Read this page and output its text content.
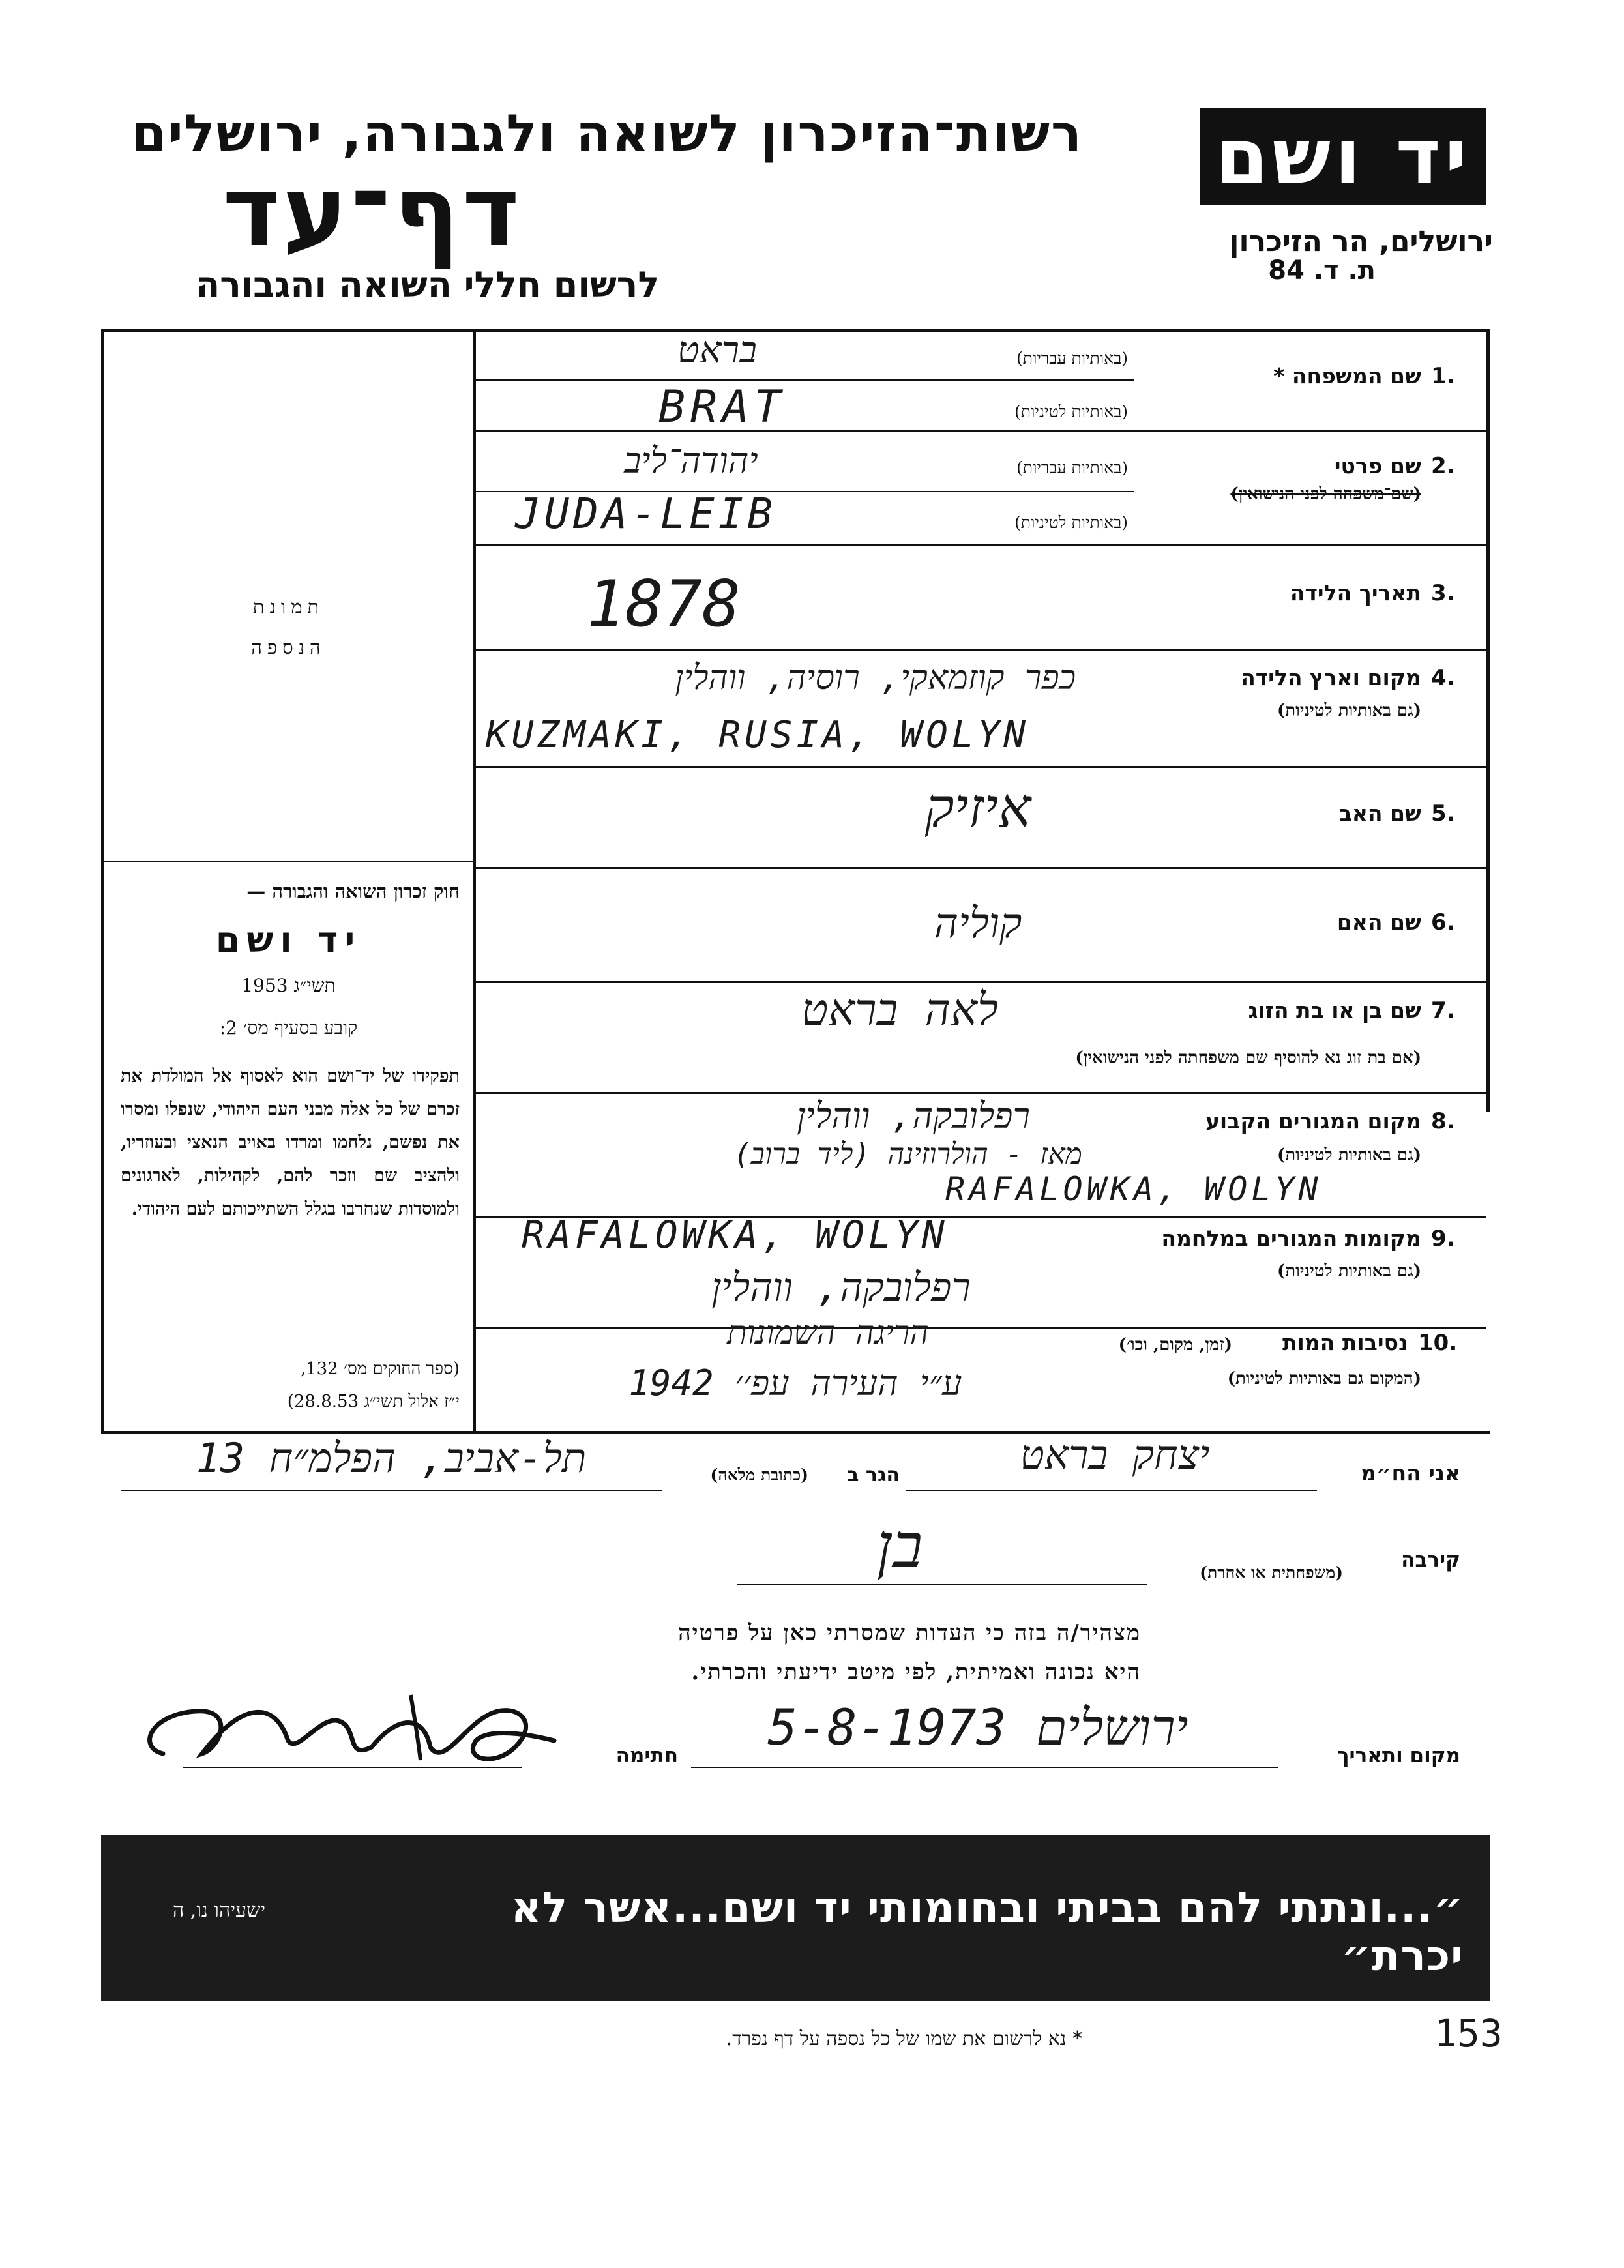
רשות־הזיכרון לשואה ולגבורה, ירושלים
דף־עד
לרשום חללי השואה והגבורה
יד ושם
ירושלים, הר הזיכרון
ת. ד. 84
תמונת
הנספה
חוק זכרון השואה והגבורה —
יד ושם
תשי״ג 1953
קובע בסעיף מס׳ 2:
תפקידו של יד־ושם הוא לאסוף אל המולדת את זכרם של כל אלה מבני העם היהודי, שנפלו ומסרו את נפשם, נלחמו ומרדו באויב הנאצי ובעוזריו, ולהציב שם וזכר להם, לקהילות, לארגונים ולמוסדות שנחרבו בגלל השתייכותם לעם היהודי.
(ספר החוקים מס׳ 132,
י״ז אלול תשי״ג 28.8.53)
1.
שם המשפחה *
(באותיות עבריות)
(באותיות לטיניות)
בראט
BRAT
2.
שם פרטי
(שם־משפחה לפני הנישואין)
(באותיות עבריות)
(באותיות לטיניות)
יהודה־ליב
JUDA-LEIB
3.
תאריך הלידה
1878
4.
מקום וארץ הלידה
(גם באותיות לטיניות)
כפר קוזמאקי, רוסיה, ווהלין
KUZMAKI, RUSIA, WOLYN
5.
שם האב
איזיק
6.
שם האם
קוליה
7.
שם בן או בת הזוג
(אם בת זוג נא להוסיף שם משפחתה לפני הנישואין)
לאה בראט
8.
מקום המגורים הקבוע
(גם באותיות לטיניות)
רפלובקה, ווהלין
מאז - הולרוזינה (ליד ברוב)
RAFALOWKA, WOLYN
9.
מקומות המגורים במלחמה
(גם באותיות לטיניות)
RAFALOWKA, WOLYN
רפלובקה, ווהלין
10.
נסיבות המות
(זמן, מקום, וכו׳)
(המקום גם באותיות לטיניות)
הריגה השמונות
ע״י העירה עפ׳׳ 1942
אני הח״מ
יצחק בראט
הגר ב
(כתובת מלאה)
תל-אביב, הפלמ״ח 13
קירבה
(משפחתית או אחרת)
בן
מצהיר/ה בזה כי העדות שמסרתי כאן על פרטיה
היא נכונה ואמיתית, לפי מיטב ידיעתי והכרתי.
מקום ותאריך
ירושלים 5-8-1973
חתימה
״...ונתתי להם בביתי ובחומותי יד ושם...אשר לא יכרת״
ישעיהו נו, ה
* נא לרשום את שמו של כל נספה על דף נפרד.	153
